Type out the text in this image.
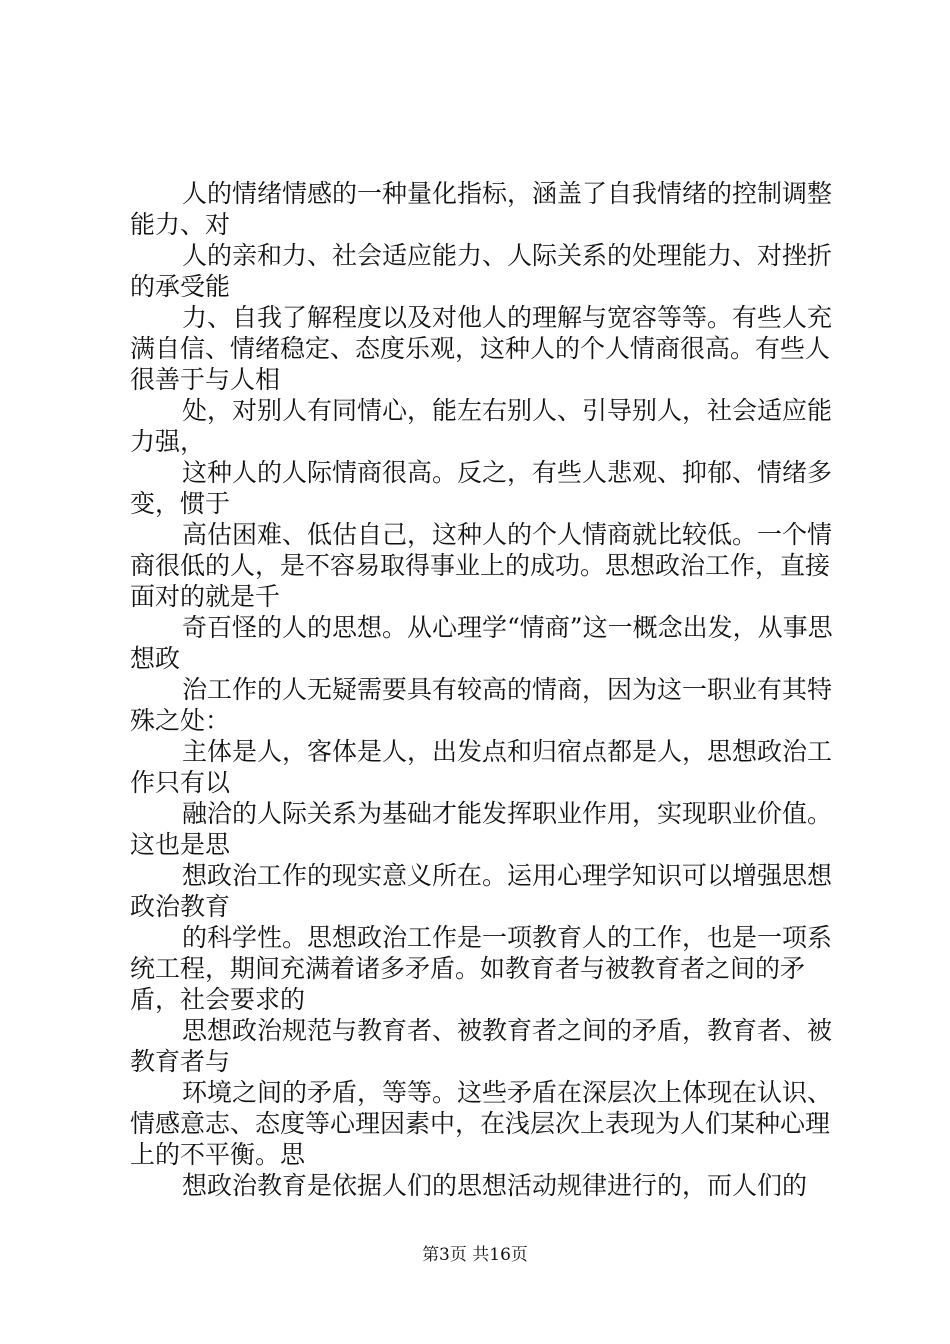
人的情绪情感的一种量化指标，涵盖了自我情绪的控制调整能力、对

人的亲和力、社会适应能力、人际关系的处理能力、对挫折的承受能

力、自我了解程度以及对他人的理解与宽容等等。有些人充满自信、情绪稳定、态度乐观，这种人的个人情商很高。有些人很善于与人相

处，对别人有同情心，能左右别人、引导别人，社会适应能力强，

这种人的人际情商很高。反之，有些人悲观、抑郁、情绪多变，惯于

高估困难、低估自己，这种人的个人情商就比较低。一个情商很低的人，是不容易取得事业上的成功。思想政治工作，直接面对的就是千

奇百怪的人的思想。从心理学“情商”这一概念出发，从事思想政

治工作的人无疑需要具有较高的情商，因为这一职业有其特殊之处：

主体是人，客体是人，出发点和归宿点都是人，思想政治工作只有以

融洽的人际关系为基础才能发挥职业作用，实现职业价值。这也是思

想政治工作的现实意义所在。运用心理学知识可以增强思想政治教育

的科学性。思想政治工作是一项教育人的工作，也是一项系统工程，期间充满着诸多矛盾。如教育者与被教育者之间的矛盾，社会要求的

思想政治规范与教育者、被教育者之间的矛盾，教育者、被教育者与

环境之间的矛盾，等等。这些矛盾在深层次上体现在认识、情感意志、态度等心理因素中，在浅层次上表现为人们某种心理上的不平衡。思

想政治教育是依据人们的思想活动规律进行的，而人们的

第3页 共16页
